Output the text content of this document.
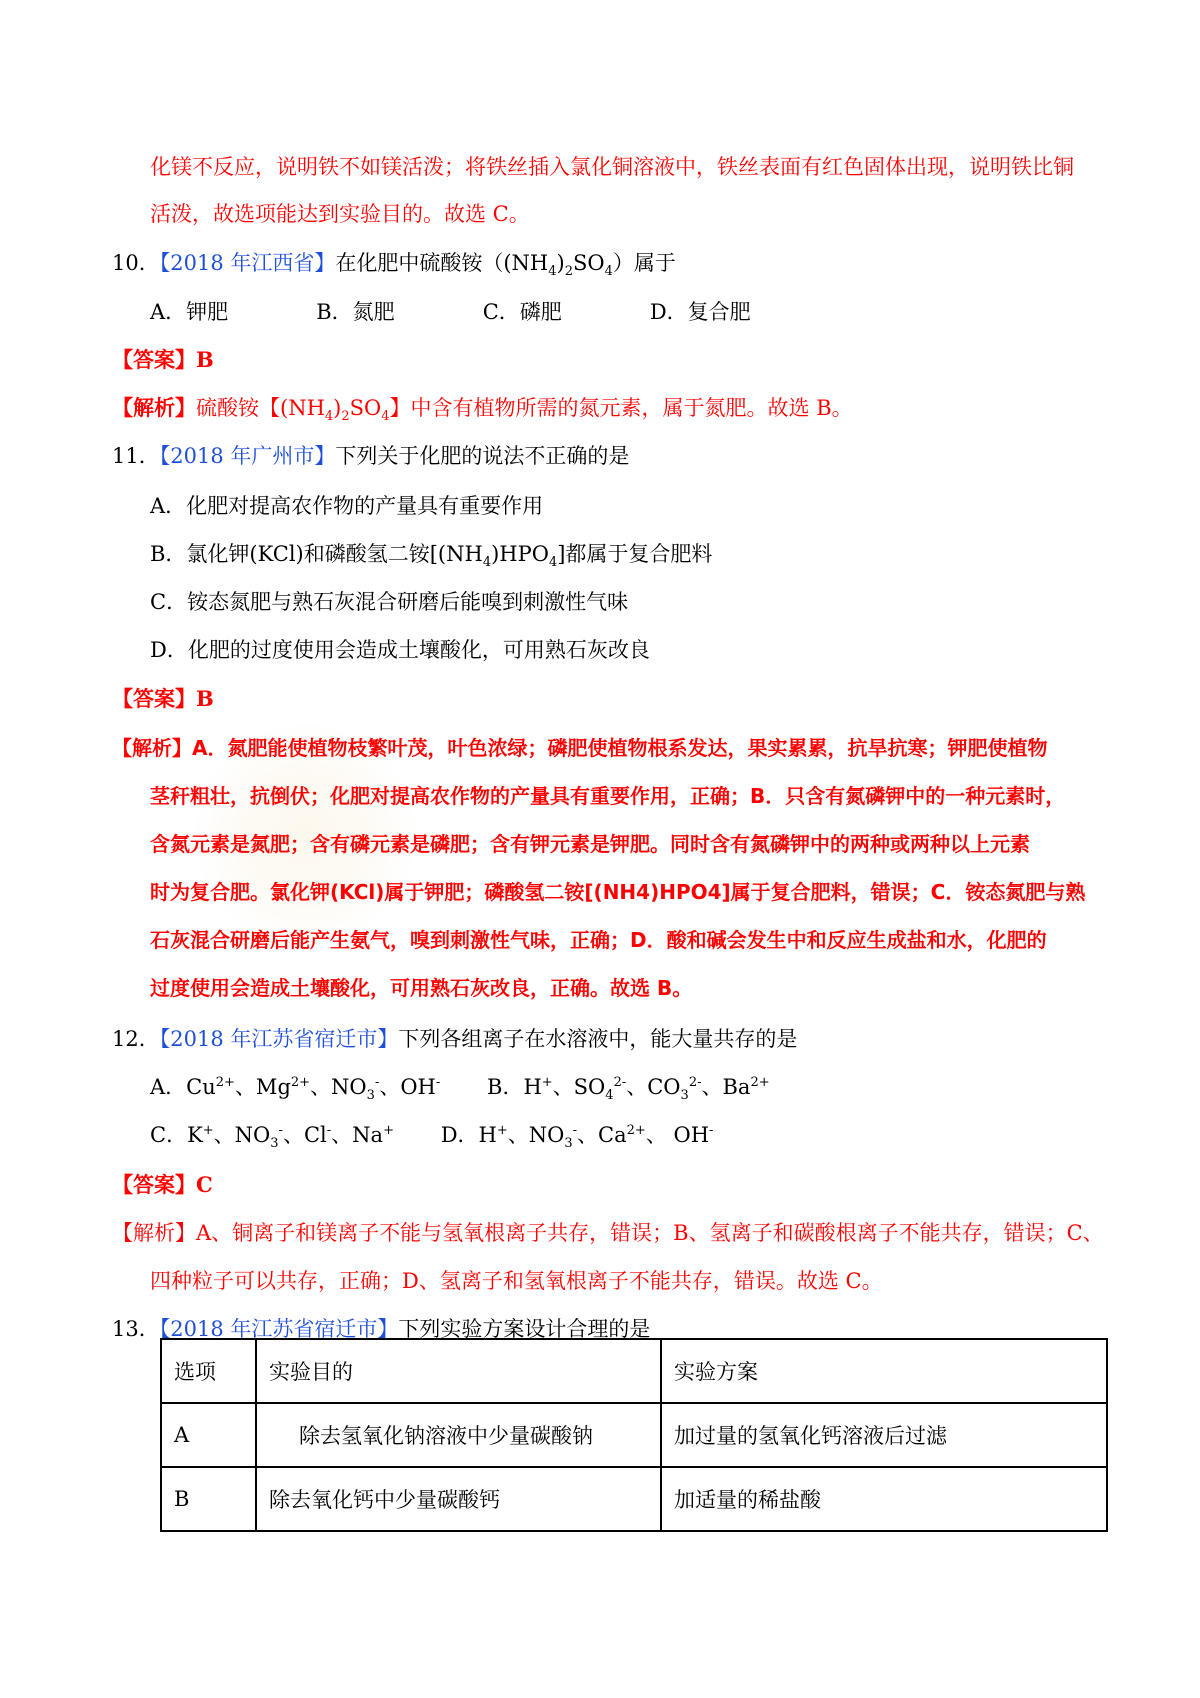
化镁不反应，说明铁不如镁活泼；将铁丝插入氯化铜溶液中，铁丝表面有红色固体出现，说明铁比铜
活泼，故选项能达到实验目的。故选 C。
10．【2018 年江西省】在化肥中硫酸铵$((NH_4)_2SO_4)$属于
A．钾肥      B．氮肥      C．磷肥      D．复合肥
【答案】B
【解析】硫酸铵【$(NH_4)_2SO_4$】中含有植物所需的氮元素，属于氮肥。故选 B。
11．【2018 年广州市】下列关于化肥的说法不正确的是
A．化肥对提高农作物的产量具有重要作用
B．氯化钾(KCl)和磷酸氢二铵$[(NH_4)HPO_4]$都属于复合肥料
C．铵态氮肥与熟石灰混合研磨后能嗅到刺激性气味
D．化肥的过度使用会造成土壤酸化，可用熟石灰改良
【答案】B
【解析】A．氮肥能使植物枝繁叶茂，叶色浓绿；磷肥使植物根系发达，果实累累，抗旱抗寒；钾肥使植物
茎秆粗壮，抗倒伏；化肥对提高农作物的产量具有重要作用，正确；B．只含有氮磷钾中的一种元素时，
含氮元素是氮肥；含有磷元素是磷肥；含有钾元素是钾肥。同时含有氮磷钾中的两种或两种以上元素
时为复合肥。氯化钾(KCl)属于钾肥；磷酸氢二铵[(NH4)HPO4]属于复合肥料，错误；C．铵态氮肥与熟
石灰混合研磨后能产生氨气，嗅到刺激性气味，正确；D．酸和碱会发生中和反应生成盐和水，化肥的
过度使用会造成土壤酸化，可用熟石灰改良，正确。故选 B。
12．【2018 年江苏省宿迁市】下列各组离子在水溶液中，能大量共存的是
A．$Cu^{2+}$、$Mg^{2+}$、$NO_3^-$、OH-       B．H+、$SO_4^{2-}$、$CO_3^{2-}$、$Ba^{2+}$
C．K+、$NO_3^-$、Cl-、Na+       D．H+、$NO_3^-$、$Ca^{2+}$、 OH-
【答案】C
【解析】A、铜离子和镁离子不能与氢氧根离子共存，错误；B、氢离子和碳酸根离子不能共存，错误；C、
四种粒子可以共存，正确；D、氢离子和氢氧根离子不能共存，错误。故选 C。
13．【2018 年江苏省宿迁市】下列实验方案设计合理的是
选项	实验目的	实验方案
A	除去氢氧化钠溶液中少量碳酸钠	加过量的氢氧化钙溶液后过滤
B	除去氧化钙中少量碳酸钙	加适量的稀盐酸
